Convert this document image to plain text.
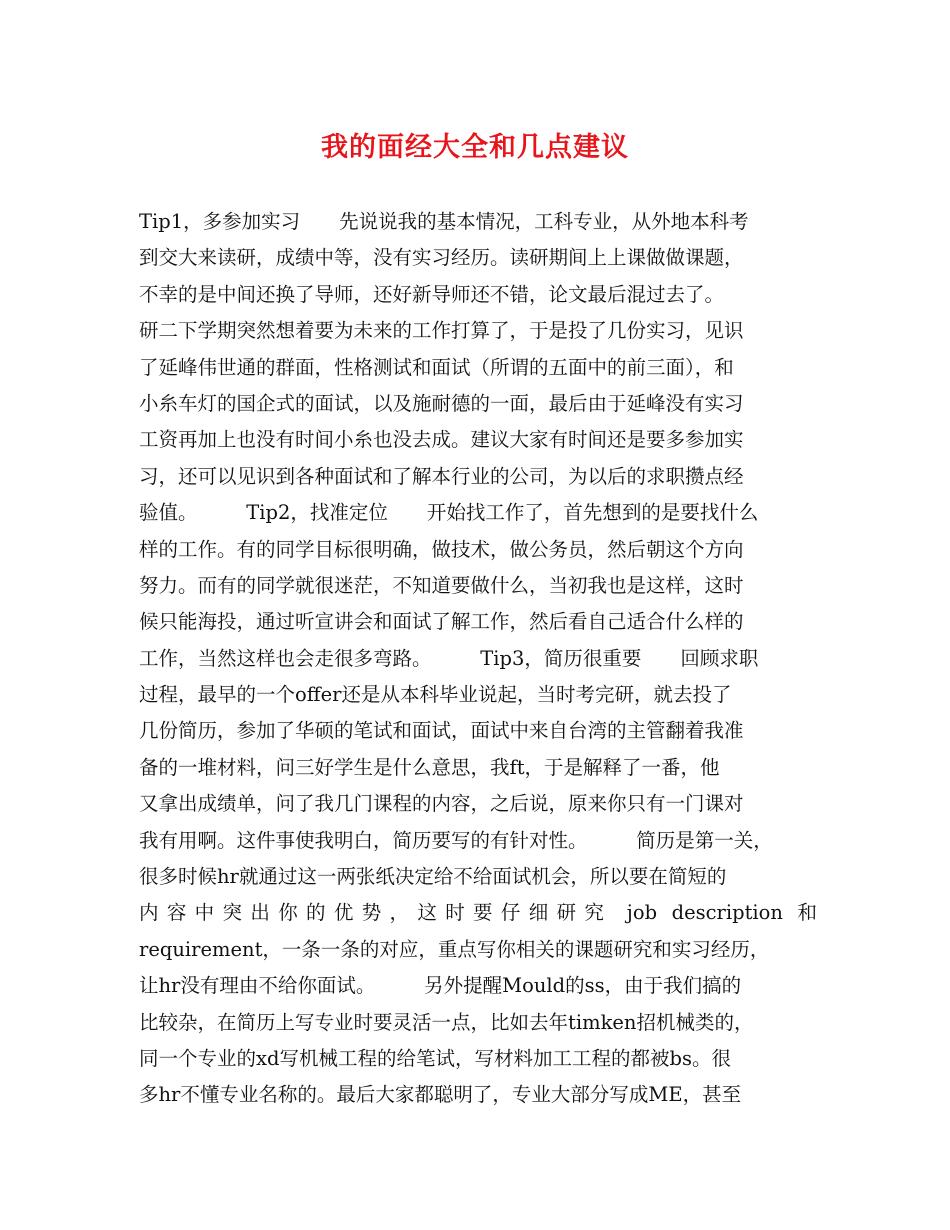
我的面经大全和几点建议
Tip1，多参加实习　　先说说我的基本情况，工科专业，从外地本科考
到交大来读研，成绩中等，没有实习经历。读研期间上上课做做课题，
不幸的是中间还换了导师，还好新导师还不错，论文最后混过去了。
研二下学期突然想着要为未来的工作打算了，于是投了几份实习，见识
了延峰伟世通的群面，性格测试和面试（所谓的五面中的前三面），和
小糸车灯的国企式的面试，以及施耐德的一面，最后由于延峰没有实习
工资再加上也没有时间小糸也没去成。建议大家有时间还是要多参加实
习，还可以见识到各种面试和了解本行业的公司，为以后的求职攒点经
验值。　　　Tip2，找准定位　　开始找工作了，首先想到的是要找什么
样的工作。有的同学目标很明确，做技术，做公务员，然后朝这个方向
努力。而有的同学就很迷茫，不知道要做什么，当初我也是这样，这时
候只能海投，通过听宣讲会和面试了解工作，然后看自己适合什么样的
工作，当然这样也会走很多弯路。　　　Tip3，简历很重要　　回顾求职
过程，最早的一个offer还是从本科毕业说起，当时考完研，就去投了
几份简历，参加了华硕的笔试和面试，面试中来自台湾的主管翻着我准
备的一堆材料，问三好学生是什么意思，我ft，于是解释了一番，他
又拿出成绩单，问了我几门课程的内容，之后说，原来你只有一门课对
我有用啊。这件事使我明白，简历要写的有针对性。　　　简历是第一关，
很多时候hr就通过这一两张纸决定给不给面试机会，所以要在简短的
内容中突出你的优势，这时要仔细研究 job description 和
requirement，一条一条的对应，重点写你相关的课题研究和实习经历，
让hr没有理由不给你面试。　　　另外提醒Mould的ss，由于我们搞的
比较杂，在简历上写专业时要灵活一点，比如去年timken招机械类的，
同一个专业的xd写机械工程的给笔试，写材料加工工程的都被bs。很
多hr不懂专业名称的。最后大家都聪明了，专业大部分写成ME，甚至
